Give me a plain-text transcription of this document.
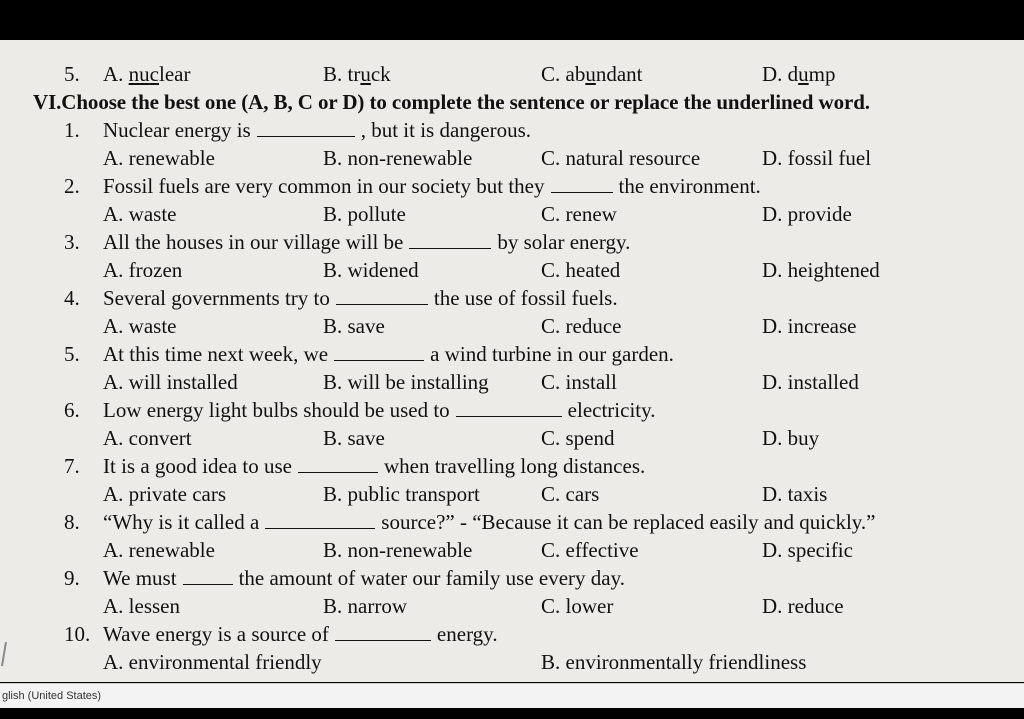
5. A. nuclear	B. truck	C. abundant	D. dump
VI.Choose the best one (A, B, C or D) to complete the sentence or replace the underlined word.
1. Nuclear energy is	, but it is dangerous.
A. renewable	B. non-renewable	C. natural resource	D. fossil fuel
2. Fossil fuels are very common in our society but they	the environment.
A. waste	B. pollute	C. renew	D. provide
3. All the houses in our village will be	by solar energy.
A. frozen	B. widened	C. heated	D. heightened
4. Several governments try to	the use of fossil fuels.
A. waste	B. save	C. reduce	D. increase
5. At this time next week, we	a wind turbine in our garden.
A. will installed	B. will be installing C. install	D. installed
6. Low energy light bulbs should be used to	electricity.
A. convert	B. save	C. spend	D. buy
7. It is a good idea to use	when travelling long distances.
A. private cars	B. public transport	C. cars	D. taxis
8. “Why is it called a	source?” - “Because it can be replaced easily and quickly.”
A. renewable	B. non-renewable	C. effective	D. specific
9. We must	the amount of water our family use every day.
A. lessen	B. narrow	C. lower	D. reduce
10. Wave energy is a source of	energy.
A. environmental friendly	B. environmentally friendliness
glish (United States)
